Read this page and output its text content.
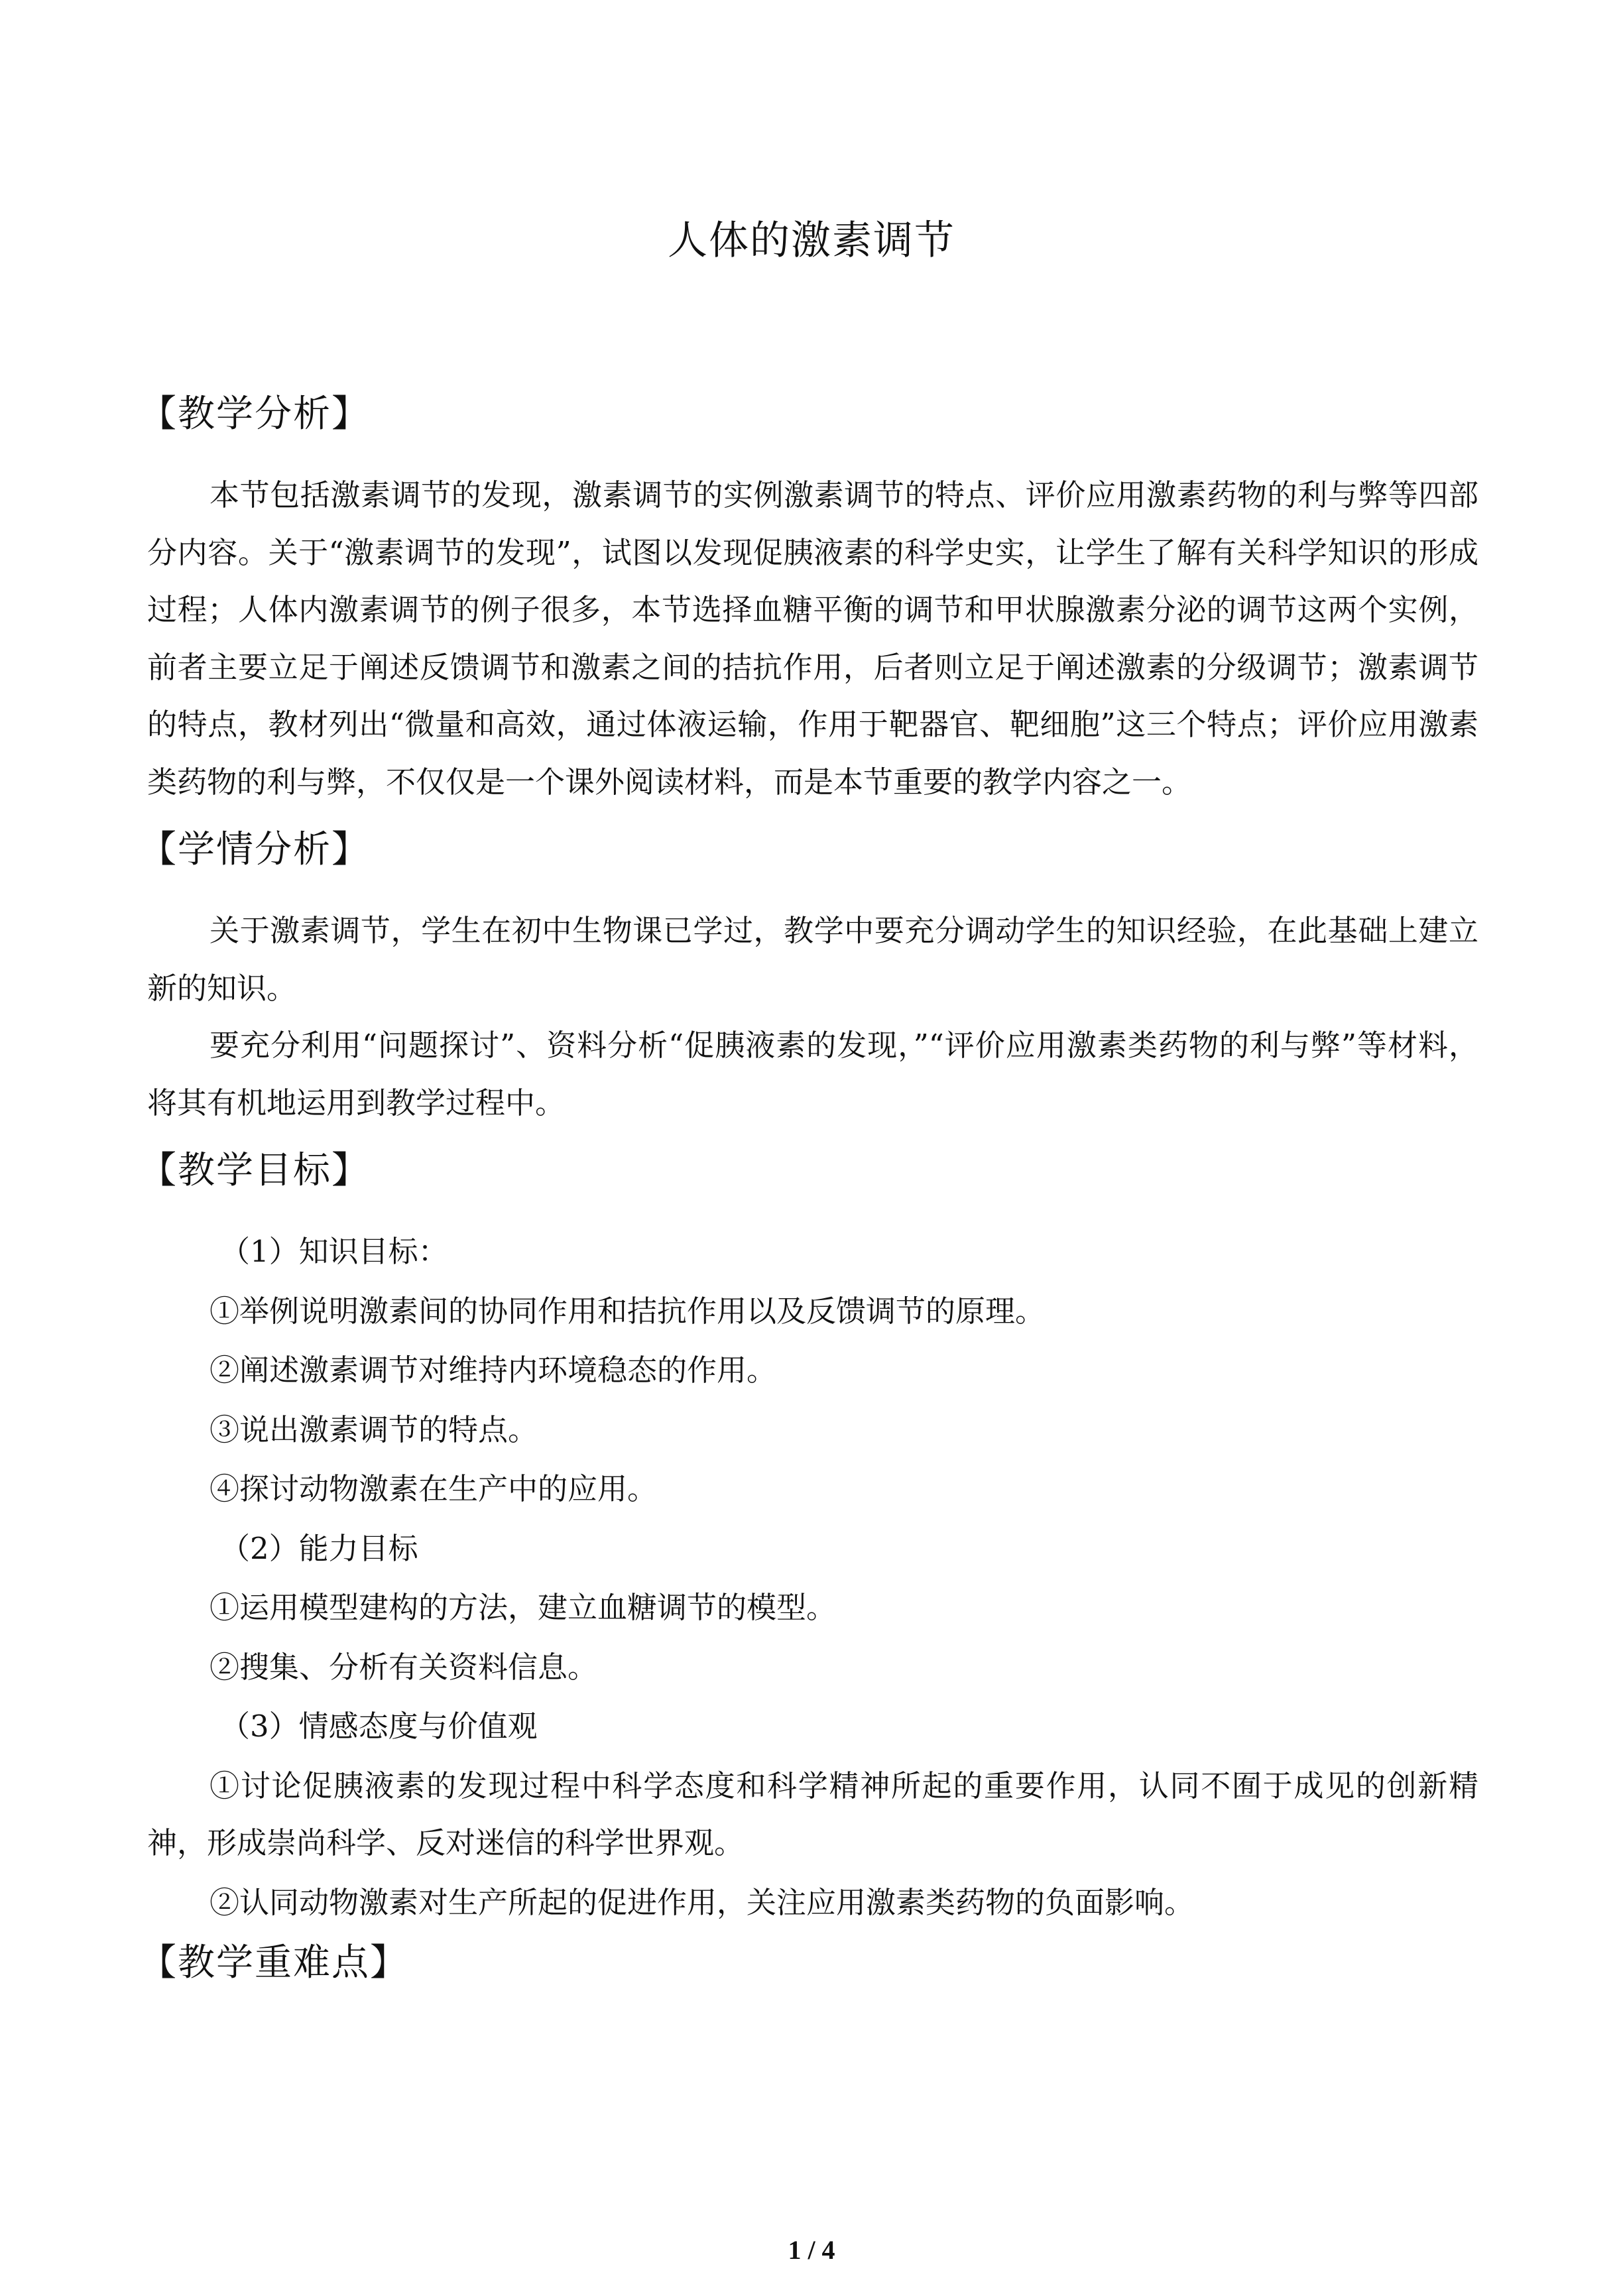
人体的激素调节
【教学分析】

本节包括激素调节的发现，激素调节的实例激素调节的特点、评价应用激素药物的利与弊等四部分内容。关于“激素调节的发现”，试图以发现促胰液素的科学史实，让学生了解有关科学知识的形成过程；人体内激素调节的例子很多，本节选择血糖平衡的调节和甲状腺激素分泌的调节这两个实例，前者主要立足于阐述反馈调节和激素之间的拮抗作用，后者则立足于阐述激素的分级调节；激素调节的特点，教材列出“微量和高效，通过体液运输，作用于靶器官、靶细胞”这三个特点；评价应用激素类药物的利与弊，不仅仅是一个课外阅读材料，而是本节重要的教学内容之一。

【学情分析】

关于激素调节，学生在初中生物课已学过，教学中要充分调动学生的知识经验，在此基础上建立新的知识。

要充分利用“问题探讨”、资料分析“促胰液素的发现，”“评价应用激素类药物的利与弊”等材料，将其有机地运用到教学过程中。

【教学目标】
（1）知识目标：
①举例说明激素间的协同作用和拮抗作用以及反馈调节的原理。
②阐述激素调节对维持内环境稳态的作用。
③说出激素调节的特点。
④探讨动物激素在生产中的应用。
（2）能力目标
①运用模型建构的方法，建立血糖调节的模型。
②搜集、分析有关资料信息。
（3）情感态度与价值观

①讨论促胰液素的发现过程中科学态度和科学精神所起的重要作用，认同不囿于成见的创新精神，形成崇尚科学、反对迷信的科学世界观。

②认同动物激素对生产所起的促进作用，关注应用激素类药物的负面影响。
【教学重难点】
1 / 4
